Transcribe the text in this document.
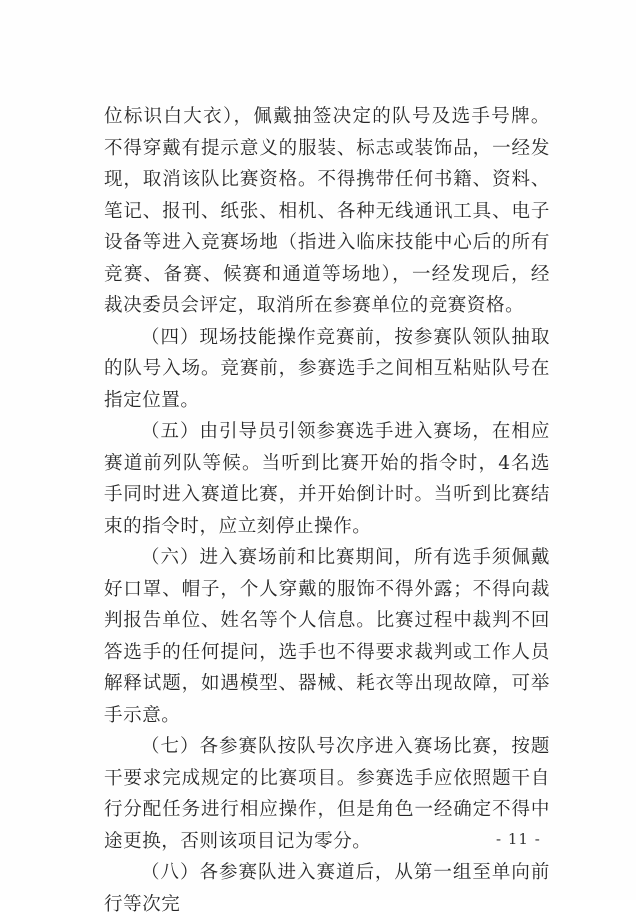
位标识白大衣），佩戴抽签决定的队号及选手号牌。不得穿戴有提示意义的服装、标志或装饰品，一经发现，取消该队比赛资格。不得携带任何书籍、资料、笔记、报刊、纸张、相机、各种无线通讯工具、电子设备等进入竞赛场地（指进入临床技能中心后的所有竞赛、备赛、候赛和通道等场地），一经发现后，经裁决委员会评定，取消所在参赛单位的竞赛资格。

（四）现场技能操作竞赛前，按参赛队领队抽取的队号入场。竞赛前，参赛选手之间相互粘贴队号在指定位置。

（五）由引导员引领参赛选手进入赛场，在相应赛道前列队等候。当听到比赛开始的指令时，4名选手同时进入赛道比赛，并开始倒计时。当听到比赛结束的指令时，应立刻停止操作。

（六）进入赛场前和比赛期间，所有选手须佩戴好口罩、帽子，个人穿戴的服饰不得外露；不得向裁判报告单位、姓名等个人信息。比赛过程中裁判不回答选手的任何提问，选手也不得要求裁判或工作人员解释试题，如遇模型、器械、耗衣等出现故障，可举手示意。

（七）各参赛队按队号次序进入赛场比赛，按题干要求完成规定的比赛项目。参赛选手应依照题干自行分配任务进行相应操作，但是角色一经确定不得中途更换，否则该项目记为零分。

（八）各参赛队进入赛道后，从第一组至单向前行等次完

- 11 -
